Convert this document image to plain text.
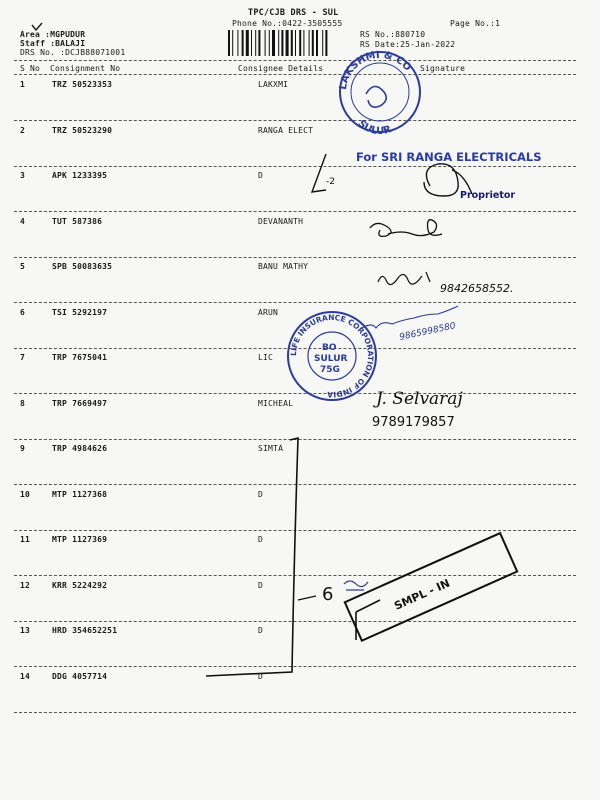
TPC/CJB DRS - SUL
Phone No.:0422-3505555	Page No.:1
Area :MGPUDUR
Staff :BALAJI
DRS No. :DCJB88071001
RS No.:880710
RS Date:25-Jan-2022
S No Consignment No	Consignee Details	Signature
1	TRZ 50523353	LAKXMI
2	TRZ 50523290	RANGA ELECT
3	APK 1233395	D
4	TUT 587386	DEVANANTH
5	SPB 50083635	BANU MATHY
6	TSI 5292197	ARUN
7	TRP 7675041	LIC
8	TRP 7669497	MICHEAL
9	TRP 4984626	SIMTA
10	MTP 1127368	D
11	MTP 1127369	D
12	KRR 5224292	D
13	HRD 354652251	D
14	DDG 4057714	D
LAKSHMI & CO
SULUR
For SRI RANGA ELECTRICALS
Proprietor
-2
9842658552.
9865998580
LIFE INSURANCE CORPORATION OF INDIA
BO
SULUR
75G
J. Selvaraj
9789179857
6	SMPL - IN
